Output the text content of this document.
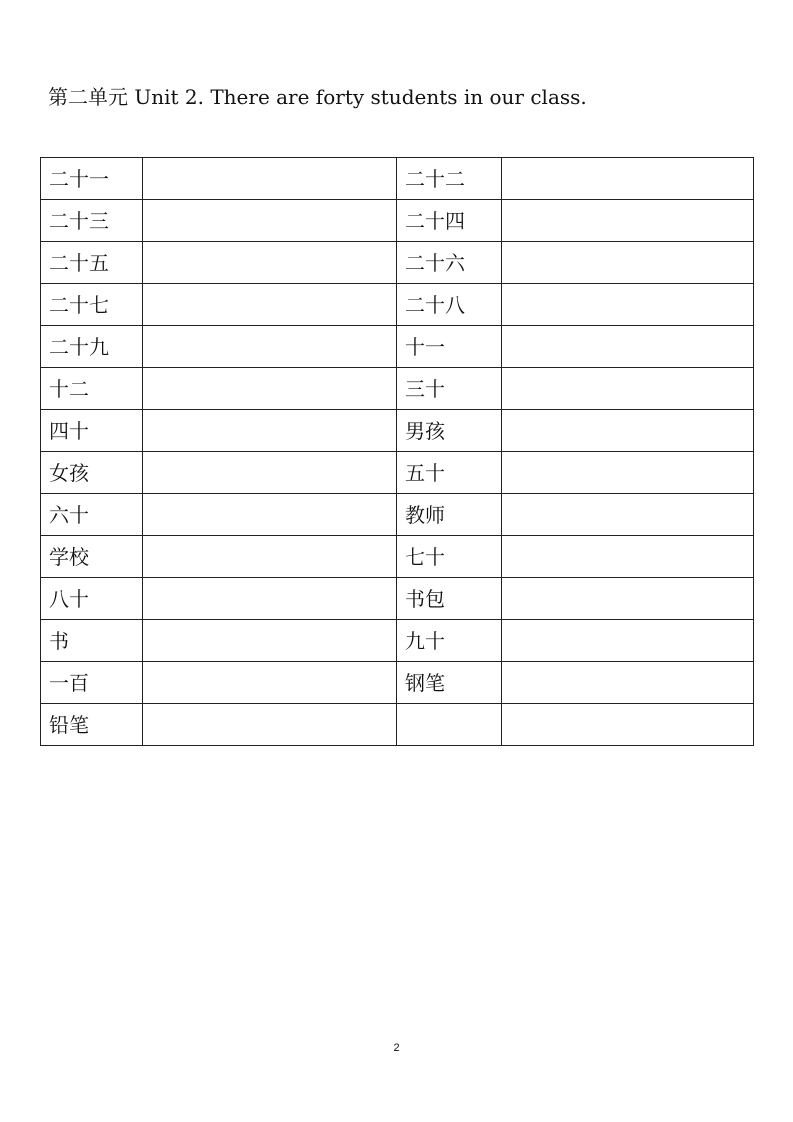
第二单元 Unit 2. There are forty students in our class.
二十一		二十二	
二十三		二十四	
二十五		二十六	
二十七		二十八	
二十九		十一	
十二		三十	
四十		男孩	
女孩		五十	
六十		教师	
学校		七十	
八十		书包	
书		九十	
一百		钢笔	
铅笔			
2
